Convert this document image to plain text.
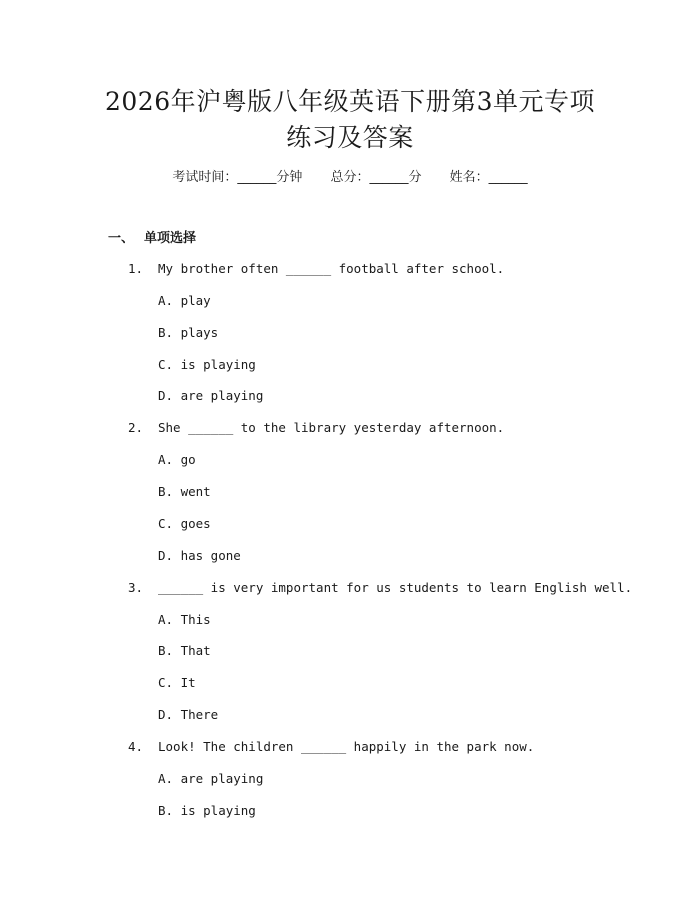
2026年沪粤版八年级英语下册第3单元专项
练习及答案
考试时间：______分钟 总分：______分 姓名：______
一、 单项选择
1. My brother often ______ football after school.
A. play
B. plays
C. is playing
D. are playing
2. She ______ to the library yesterday afternoon.
A. go
B. went
C. goes
D. has gone
3. ______ is very important for us students to learn English well.
A. This
B. That
C. It
D. There
4. Look! The children ______ happily in the park now.
A. are playing
B. is playing
